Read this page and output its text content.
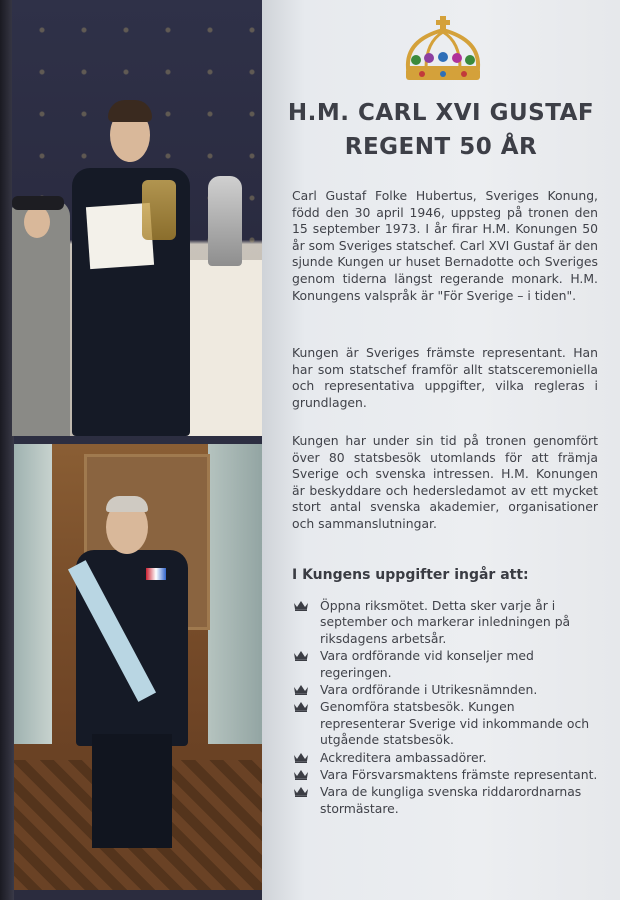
H.M. CARL XVI GUSTAF
REGENT 50 ÅR
Carl Gustaf Folke Hubertus, Sveriges Konung, född den 30 april 1946, uppsteg på tronen den 15 september 1973. I år firar H.M. Konungen 50 år som Sveriges statschef. Carl XVI Gustaf är den sjunde Kungen ur huset Bernadotte och Sveriges genom tiderna längst regerande monark. H.M. Konungens valspråk är "För Sverige – i tiden".
Kungen är Sveriges främste representant. Han har som statschef framför allt statsceremoniella och representativa uppgifter, vilka regleras i grundlagen.
Kungen har under sin tid på tronen genomfört över 80 statsbesök utomlands för att främja Sverige och svenska intressen. H.M. Konungen är beskyddare och hedersledamot av ett mycket stort antal svenska akademier, organisationer och sammanslutningar.
I Kungens uppgifter ingår att:
Öppna riksmötet. Detta sker varje år i september och markerar inledningen på riksdagens arbetsår.
Vara ordförande vid konseljer med regeringen.
Vara ordförande i Utrikesnämnden.
Genomföra statsbesök. Kungen representerar Sverige vid inkommande och utgående statsbesök.
Ackreditera ambassadörer.
Vara Försvarsmaktens främste representant.
Vara de kungliga svenska riddarordnarnas stormästare.
